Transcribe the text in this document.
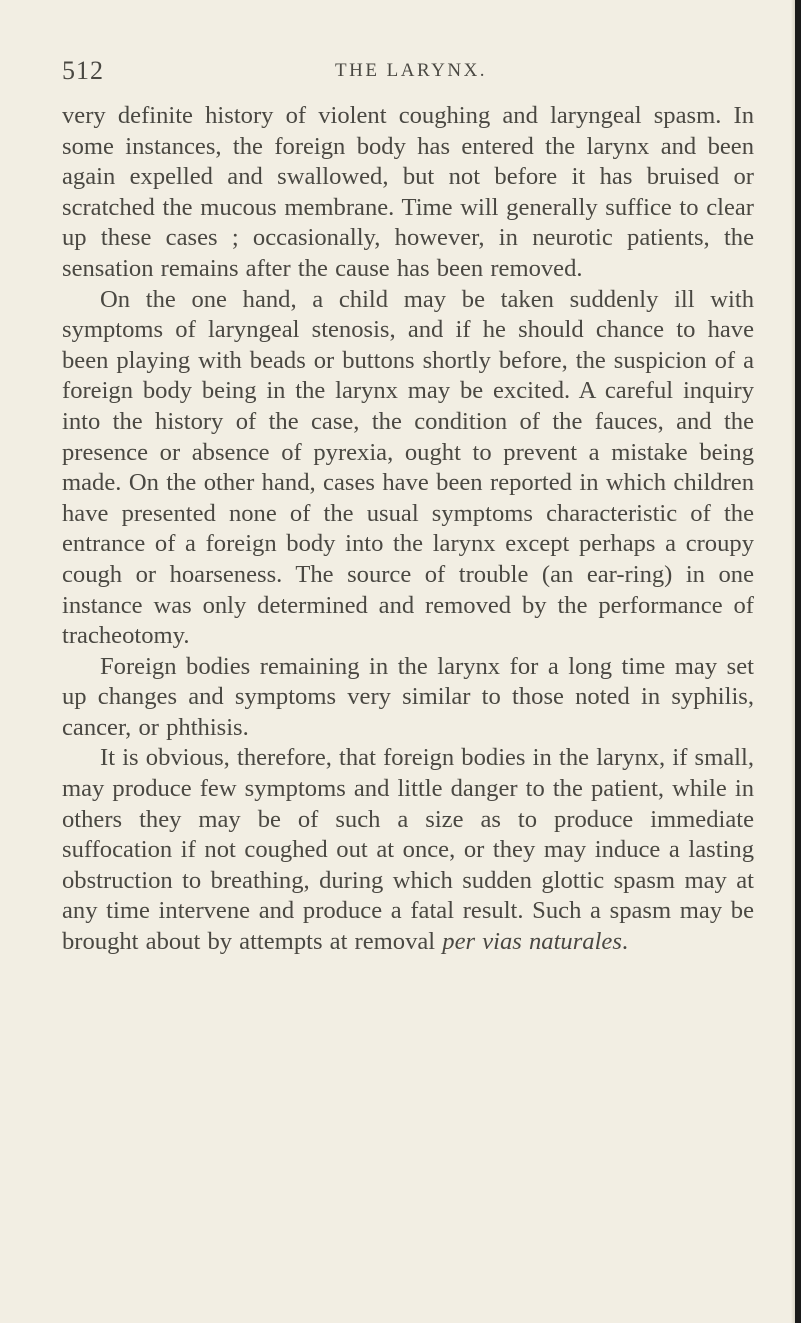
512	THE LARYNX.

very definite history of violent coughing and laryngeal spasm. In some instances, the foreign body has entered the larynx and been again expelled and swallowed, but not before it has bruised or scratched the mucous membrane. Time will generally suffice to clear up these cases ; occasionally, however, in neurotic patients, the sensation remains after the cause has been removed.

On the one hand, a child may be taken suddenly ill with symptoms of laryngeal stenosis, and if he should chance to have been playing with beads or buttons shortly before, the suspicion of a foreign body being in the larynx may be excited. A careful inquiry into the history of the case, the condition of the fauces, and the presence or absence of pyrexia, ought to prevent a mistake being made. On the other hand, cases have been reported in which children have presented none of the usual symptoms characteristic of the entrance of a foreign body into the larynx except perhaps a croupy cough or hoarseness. The source of trouble (an ear-ring) in one instance was only determined and removed by the performance of tracheotomy.

Foreign bodies remaining in the larynx for a long time may set up changes and symptoms very similar to those noted in syphilis, cancer, or phthisis.

It is obvious, therefore, that foreign bodies in the larynx, if small, may produce few symptoms and little danger to the patient, while in others they may be of such a size as to produce immediate suffocation if not coughed out at once, or they may induce a lasting obstruction to breathing, during which sudden glottic spasm may at any time intervene and produce a fatal result. Such a spasm may be brought about by attempts at removal per vias naturales.
